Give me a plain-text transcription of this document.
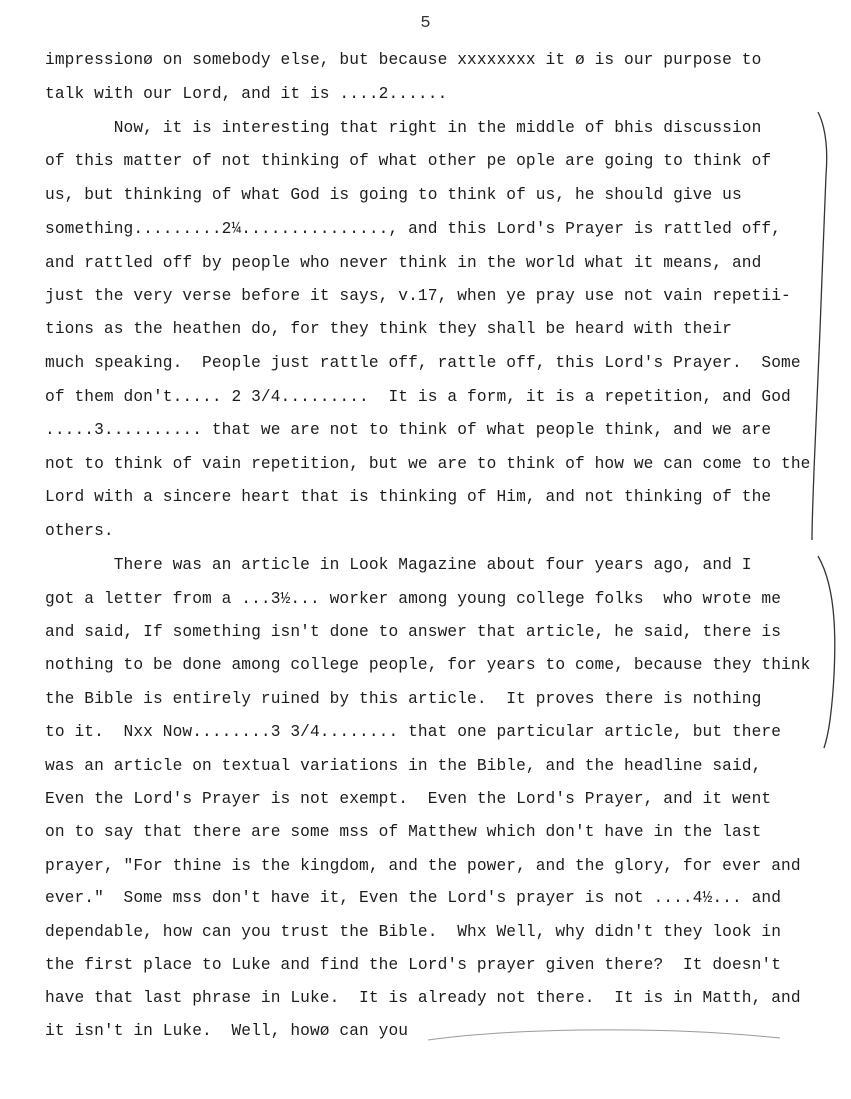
5
impressionø on somebody else, but because xxxxxxxx it ø is our purpose to
talk with our Lord, and it is ....2......
Now, it is interesting that right in the middle of bhis discussion
of this matter of not thinking of what other pe ople are going to think of
us, but thinking of what God is going to think of us, he should give us
something.........2¼..............., and this Lord's Prayer is rattled off,
and rattled off by people who never think in the world what it means, and
just the very verse before it says, v.17, when ye pray use not vain repetii-
tions as the heathen do, for they think they shall be heard with their
much speaking.  People just rattle off, rattle off, this Lord's Prayer.  Some
of them don't..... 2 3/4.........  It is a form, it is a repetition, and God
.....3.......... that we are not to think of what people think, and we are
not to think of vain repetition, but we are to think of how we can come to the
Lord with a sincere heart that is thinking of Him, and not thinking of the
others.
There was an article in Look Magazine about four years ago, and I
got a letter from a ...3½... worker among young college folks  who wrote me
and said, If something isn't done to answer that article, he said, there is
nothing to be done among college people, for years to come, because they think
the Bible is entirely ruined by this article.  It proves there is nothing
to it.  Nxx Now........3 3/4........ that one particular article, but there
was an article on textual variations in the Bible, and the headline said,
Even the Lord's Prayer is not exempt.  Even the Lord's Prayer, and it went
on to say that there are some mss of Matthew which don't have in the last
prayer, "For thine is the kingdom, and the power, and the glory, for ever and
ever."  Some mss don't have it, Even the Lord's prayer is not ....4½... and
dependable, how can you trust the Bible.  Whx Well, why didn't they look in
the first place to Luke and find the Lord's prayer given there?  It doesn't
have that last phrase in Luke.  It is already not there.  It is in Matth, and
it isn't in Luke.  Well, howø can you
